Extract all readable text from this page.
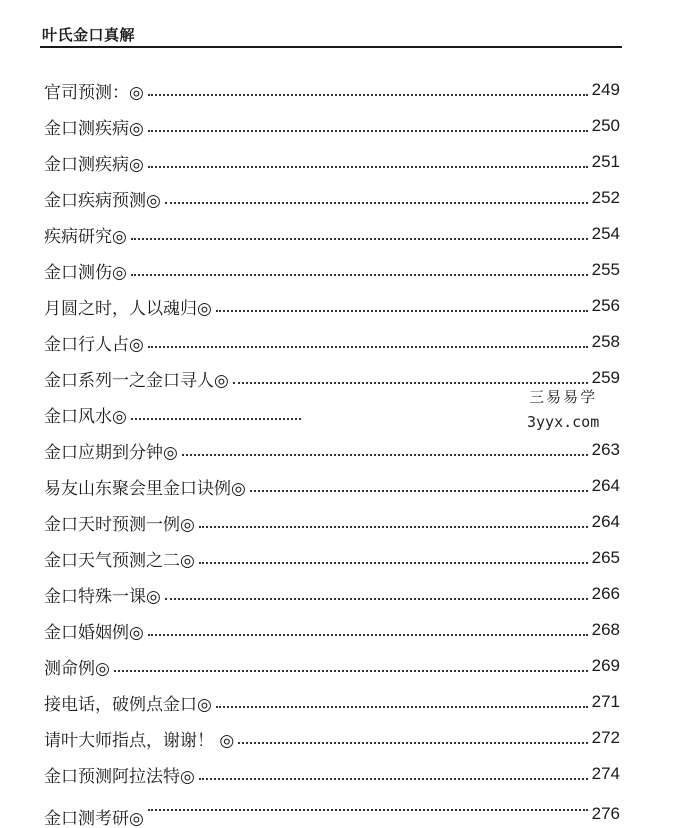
叶氏金口真解
官司预测：◎	249
金口测疾病◎	250
金口测疾病◎	251
金口疾病预测◎	252
疾病研究◎	254
金口测伤◎	255
月圆之时，人以魂归◎	256
金口行人占◎	258
金口系列一之金口寻人◎	259
金口风水◎
金口应期到分钟◎	263
易友山东聚会里金口诀例◎	264
金口天时预测一例◎	264
金口天气预测之二◎	265
金口特殊一课◎	266
金口婚姻例◎	268
测命例◎	269
接电话，破例点金口◎	271
请叶大师指点，谢谢！ ◎	272
金口预测阿拉法特◎	274
金口测考研◎	276
三易易学
3yyx.com
